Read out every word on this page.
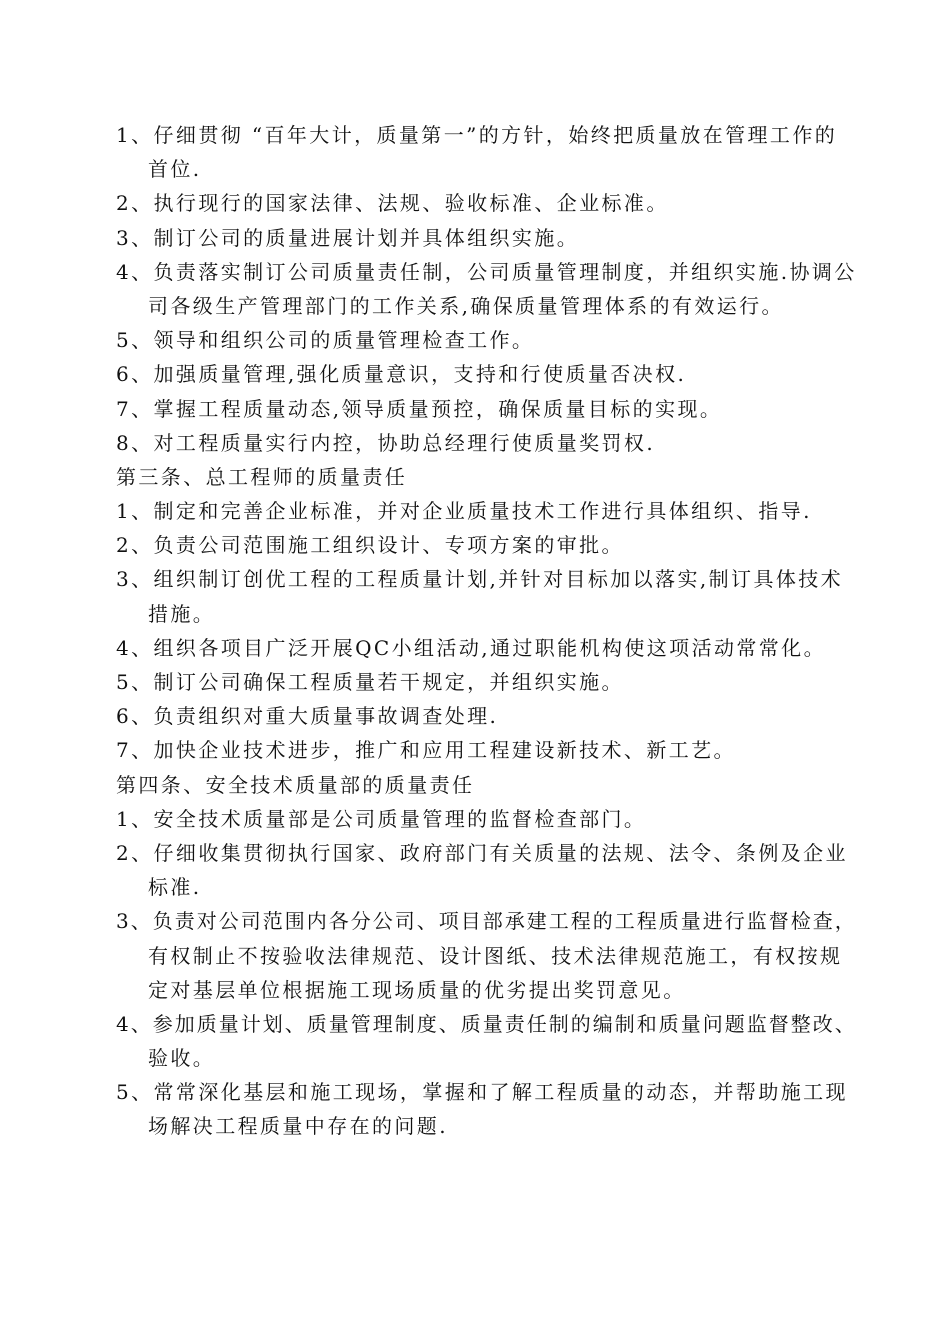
1、仔细贯彻 “百年大计，质量第一”的方针，始终把质量放在管理工作的
首位.
2、执行现行的国家法律、法规、验收标准、企业标准。
3、制订公司的质量进展计划并具体组织实施。
4、负责落实制订公司质量责任制，公司质量管理制度，并组织实施.协调公
司各级生产管理部门的工作关系,确保质量管理体系的有效运行。
5、领导和组织公司的质量管理检查工作。
6、加强质量管理,强化质量意识，支持和行使质量否决权.
7、掌握工程质量动态,领导质量预控，确保质量目标的实现。
8、对工程质量实行内控，协助总经理行使质量奖罚权.
第三条、总工程师的质量责任
1、制定和完善企业标准，并对企业质量技术工作进行具体组织、指导.
2、负责公司范围施工组织设计、专项方案的审批。
3、组织制订创优工程的工程质量计划,并针对目标加以落实,制订具体技术
措施。
4、组织各项目广泛开展QC小组活动,通过职能机构使这项活动常常化。
5、制订公司确保工程质量若干规定，并组织实施。
6、负责组织对重大质量事故调查处理.
7、加快企业技术进步，推广和应用工程建设新技术、新工艺。
第四条、安全技术质量部的质量责任
1、安全技术质量部是公司质量管理的监督检查部门。
2、仔细收集贯彻执行国家、政府部门有关质量的法规、法令、条例及企业
标准.
3、负责对公司范围内各分公司、项目部承建工程的工程质量进行监督检查，
有权制止不按验收法律规范、设计图纸、技术法律规范施工，有权按规
定对基层单位根据施工现场质量的优劣提出奖罚意见。
4、参加质量计划、质量管理制度、质量责任制的编制和质量问题监督整改、
验收。
5、常常深化基层和施工现场，掌握和了解工程质量的动态，并帮助施工现
场解决工程质量中存在的问题.
